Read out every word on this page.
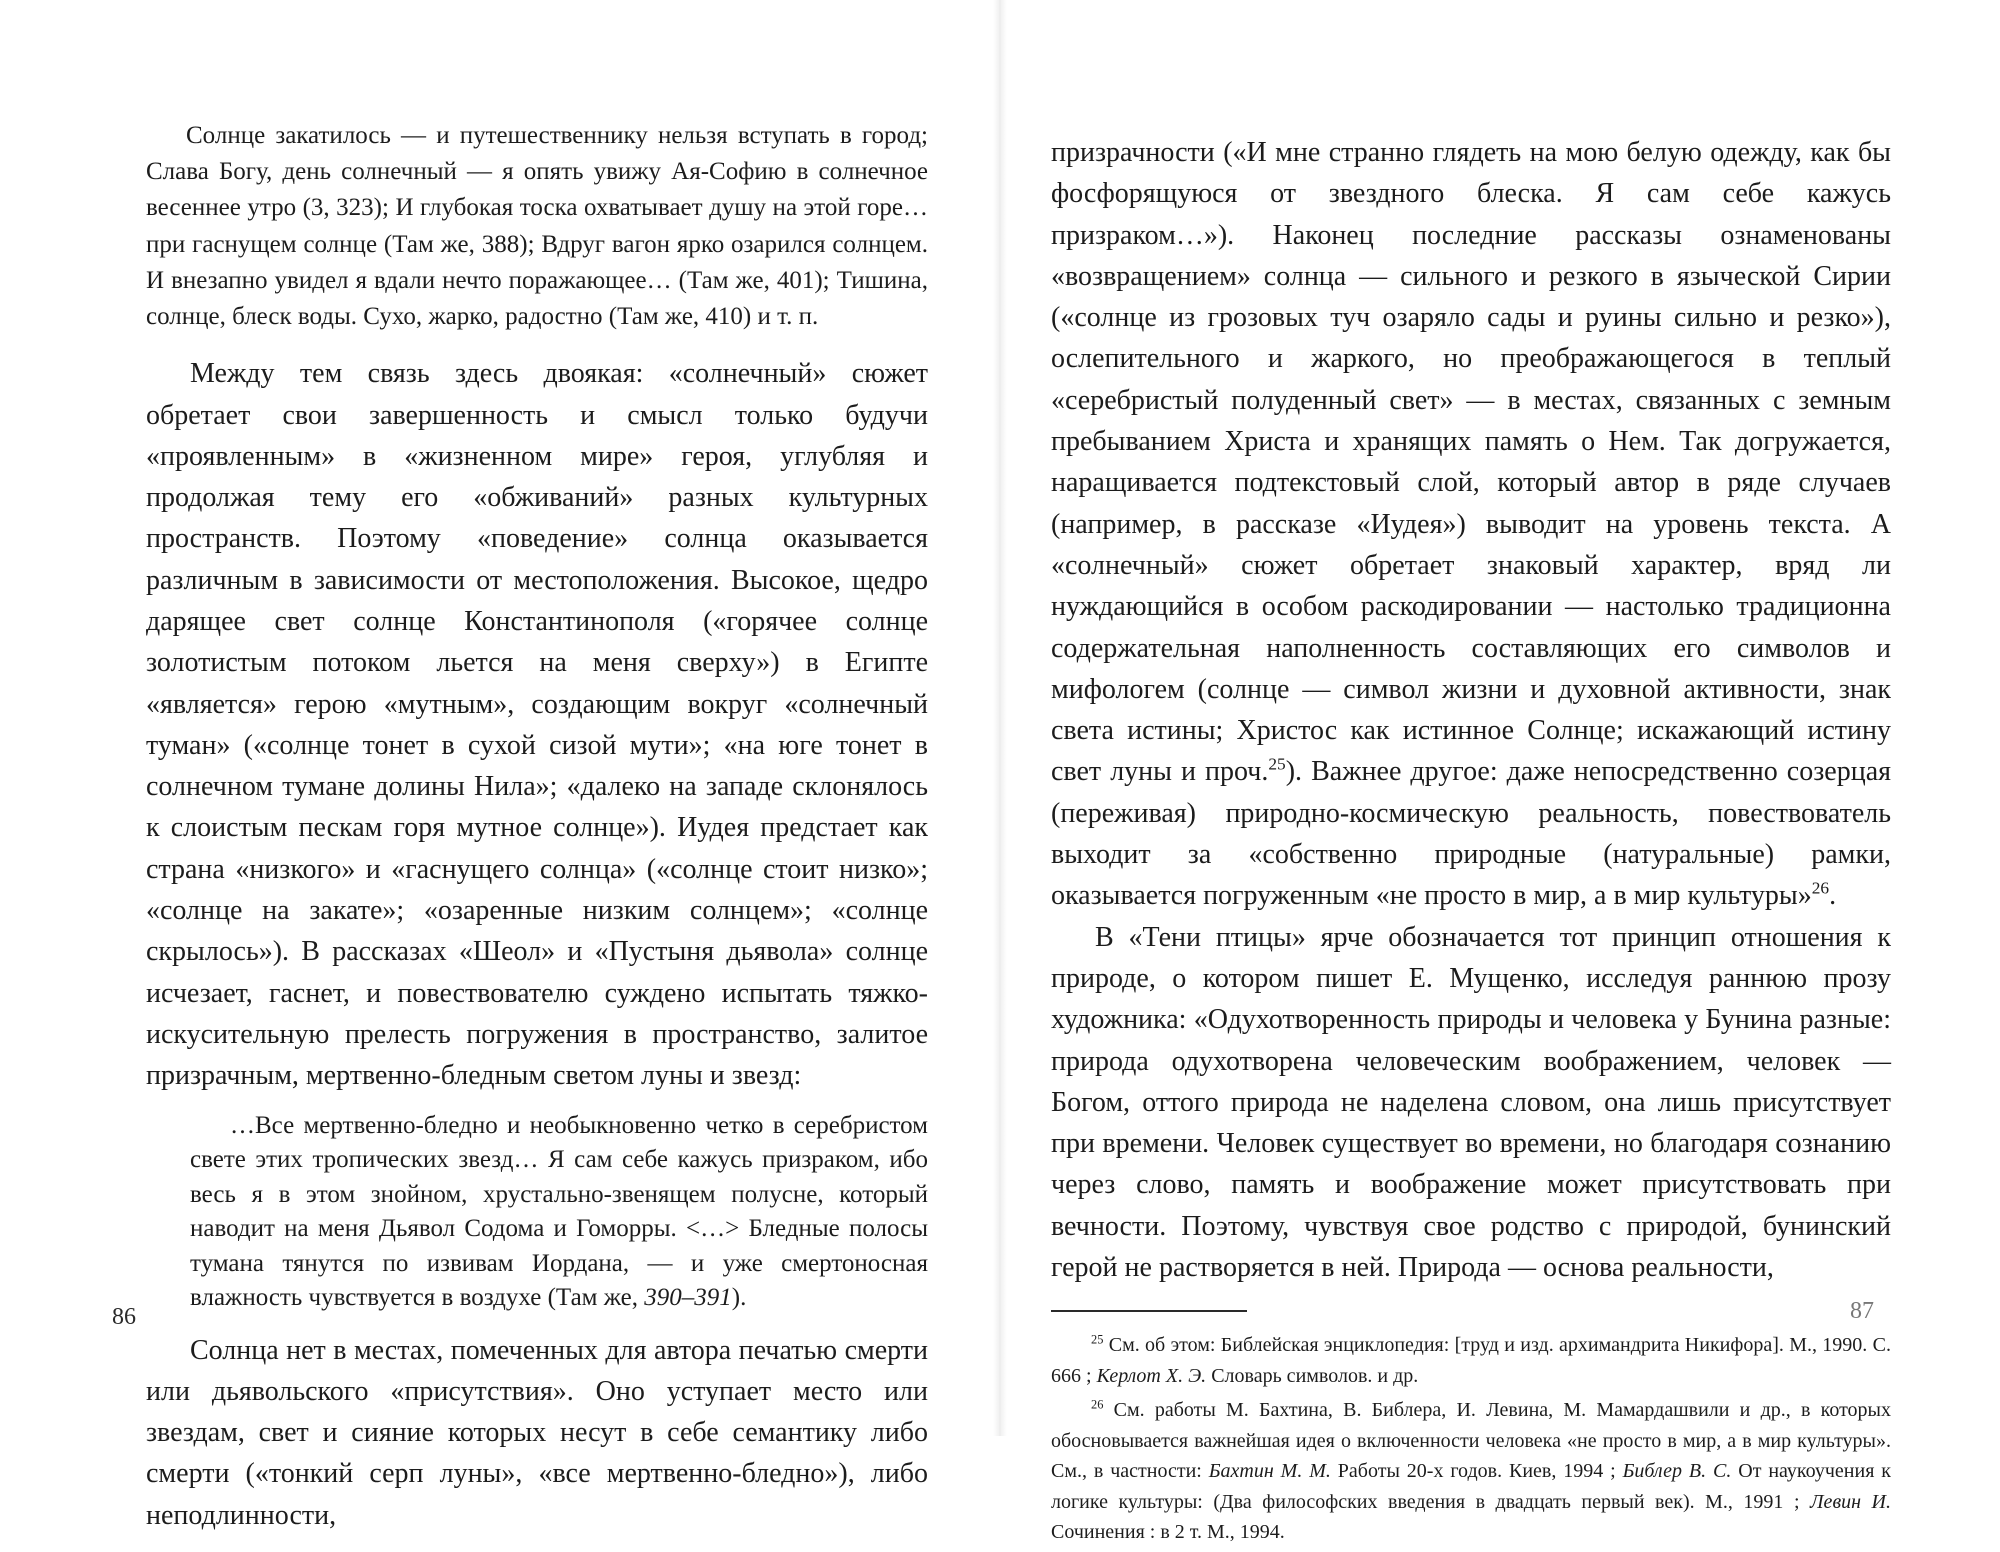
Солнце закатилось — и путешественнику нельзя вступать в город; Слава Богу, день солнечный — я опять увижу Ая-Софию в солнечное весеннее утро (3, 323); И глубокая тоска охватывает душу на этой горе… при гаснущем солнце (Там же, 388); Вдруг вагон ярко озарился солнцем. И внезапно увидел я вдали нечто поражающее… (Там же, 401); Тишина, солнце, блеск воды. Сухо, жарко, радостно (Там же, 410) и т. п.

Между тем связь здесь двоякая: «солнечный» сюжет обретает свои завершенность и смысл только будучи «проявленным» в «жизненном мире» героя, углубляя и продолжая тему его «обживаний» разных культурных пространств. Поэтому «поведение» солнца оказывается различным в зависимости от местоположения. Высокое, щедро дарящее свет солнце Константинополя («горячее солнце золотистым потоком льется на меня сверху») в Египте «является» герою «мутным», создающим вокруг «солнечный туман» («солнце тонет в сухой сизой мути»; «на юге тонет в солнечном тумане долины Нила»; «далеко на западе склонялось к слоистым пескам горя мутное солнце»). Иудея предстает как страна «низкого» и «гаснущего солнца» («солнце стоит низко»; «солнце на закате»; «озаренные низким солнцем»; «солнце скрылось»). В рассказах «Шеол» и «Пустыня дьявола» солнце исчезает, гаснет, и повествователю суждено испытать тяжко-искусительную прелесть погружения в пространство, залитое призрачным, мертвенно-бледным светом луны и звезд:

…Все мертвенно-бледно и необыкновенно четко в серебристом свете этих тропических звезд… Я сам себе кажусь призраком, ибо весь я в этом знойном, хрустально-звенящем полусне, который наводит на меня Дьявол Содома и Гоморры. <…> Бледные полосы тумана тянутся по извивам Иордана, — и уже смертоносная влажность чувствуется в воздухе (Там же, 390–391).

Солнца нет в местах, помеченных для автора печатью смерти или дьявольского «присутствия». Оно уступает место или звездам, свет и сияние которых несут в себе семантику либо смерти («тонкий серп луны», «все мертвенно-бледно»), либо неподлинности,

86

призрачности («И мне странно глядеть на мою белую одежду, как бы фосфорящуюся от звездного блеска. Я сам себе кажусь призраком…»). Наконец последние рассказы ознаменованы «возвращением» солнца — сильного и резкого в языческой Сирии («солнце из грозовых туч озаряло сады и руины сильно и резко»), ослепительного и жаркого, но преображающегося в теплый «серебристый полуденный свет» — в местах, связанных с земным пребыванием Христа и хранящих память о Нем. Так догружается, наращивается подтекстовый слой, который автор в ряде случаев (например, в рассказе «Иудея») выводит на уровень текста. А «солнечный» сюжет обретает знаковый характер, вряд ли нуждающийся в особом раскодировании — настолько традиционна содержательная наполненность составляющих его символов и мифологем (солнце — символ жизни и духовной активности, знак света истины; Христос как истинное Солнце; искажающий истину свет луны и проч.$^{25}$). Важнее другое: даже непосредственно созерцая (переживая) природно-космическую реальность, повествователь выходит за «собственно природные (натуральные) рамки, оказывается погруженным «не просто в мир, а в мир культуры»$^{26}$.

В «Тени птицы» ярче обозначается тот принцип отношения к природе, о котором пишет Е. Мущенко, исследуя раннюю прозу художника: «Одухотворенность природы и человека у Бунина разные: природа одухотворена человеческим воображением, человек — Богом, оттого природа не наделена словом, она лишь присутствует при времени. Человек существует во времени, но благодаря сознанию через слово, память и воображение может присутствовать при вечности. Поэтому, чувствуя свое родство с природой, бунинский герой не растворяется в ней. Природа — основа реальности,

$^{25}$ См. об этом: Библейская энциклопедия: [труд и изд. архимандрита Никифора]. М., 1990. С. 666 ; Керлот Х. Э. Словарь символов. и др.

$^{26}$ См. работы М. Бахтина, В. Библера, И. Левина, М. Мамардашвили и др., в которых обосновывается важнейшая идея о включенности человека «не просто в мир, а в мир культуры». См., в частности: Бахтин М. М. Работы 20-х годов. Киев, 1994 ; Библер В. С. От наукоучения к логике культуры: (Два философских введения в двадцать первый век). М., 1991 ; Левин И. Сочинения : в 2 т. М., 1994.

87
